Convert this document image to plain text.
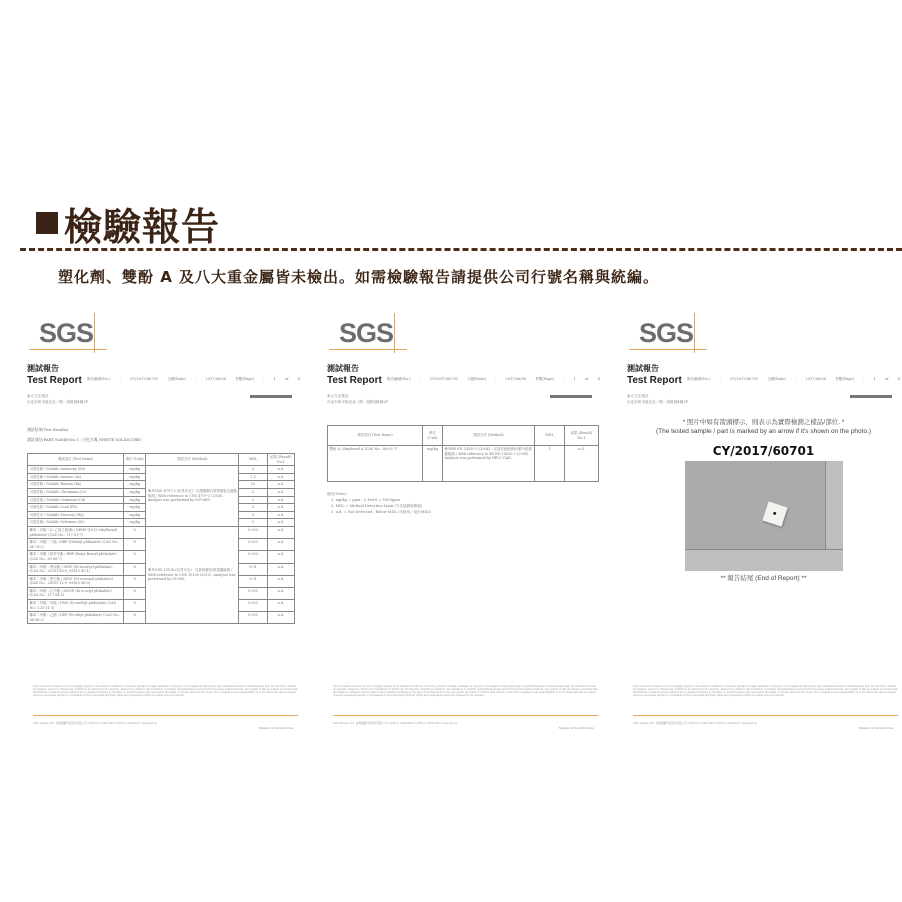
檢驗報告
塑化劑、雙酚 A 及八大重金屬皆未檢出。如需檢驗報告請提供公司行號名稱與統編。
SGS
測試報告
Test Report 報告編號(No.) : CY/2017/60701 日期(Date) : 2017/06/06 頁數(Page) : 1 of 4
東元方企業社
台北市和平區光北二路一段路巷4號2F
測試結果(Test Results)
測試部位(PART NAME)No.1 : 白色方塊 (WHITE SOLIDCUBE)
測試項目 (Test Items)	單位 (Unit)	測試方法 (Method)	MDL	結果 (Result)
No.1

可溶性銻 / Soluble Antimony (Sb)	mg/kg	參考CNS 4797-3 (玩具安全) - 以感應耦合電漿發射光譜儀檢測 / With reference to CNS 4797-3 (2016). Analysis was performed by ICP-AES.	5	n.d.
可溶性砷 / Soluble Arsenic (As)	mg/kg		2.5	n.d.
可溶性鋇 / Soluble Barium (Ba)	mg/kg		10	n.d.
可溶性鉻 / Soluble Chromium (Cr)	mg/kg		5	n.d.
可溶性鎘 / Soluble Cadmium (Cd)	mg/kg		5	n.d.
可溶性鉛 / Soluble Lead (Pb)	mg/kg		5	n.d.
可溶性汞 / Soluble Mercury (Hg)	mg/kg		5	n.d.
可溶性硒 / Soluble Selenium (Se)	mg/kg		5	n.d.
鄰苯二甲酸二(2-乙基己基)酯 / DEHP (Di-(2-ethylhexyl) phthalate) (CAS No.: 117-81-7)	%	參考CNS 15138 (玩具安全) - 以氣相層析/質譜儀檢測 / With reference to CNS 15138 (2012). Analysis was performed by GC/MS.	0.003	n.d.
鄰苯二甲酸二丁酯 / DBP (Dibutyl phthalate) (CAS No.: 84-74-2)	%		0.003	n.d.
鄰苯二甲酸丁基苯甲酯 / BBP (Butyl Benzyl phthalate) (CAS No.: 85-68-7)	%		0.003	n.d.
鄰苯二甲酸二異癸酯 / DIDP (Di-isodecyl phthalate) (CAS No.: 26761-40-0; 68515-49-1)	%		0.01	n.d.
鄰苯二甲酸二異壬酯 / DINP (Di-isononyl phthalate) (CAS No.: 28553-12-0; 68515-48-0)	%		0.01	n.d.
鄰苯二甲酸二正辛酯 / DNOP (Di-n-octyl phthalate) (CAS No.: 117-84-0)	%		0.003	n.d.
鄰苯二甲酸二甲酯 / DMP (Di-methyl phthalate) (CAS No.: 131-11-3)	%		0.003	n.d.
鄰苯二甲酸二乙酯 / DEP (Di-ethyl phthalate) (CAS No.: 84-66-2)	%		0.003	n.d.
This document is issued by the Company subject to its General Conditions of Service printed overleaf, available on request or accessible at http://www.sgs.com/en/Terms-and-Conditions.aspx and, for electronic format documents, subject to Terms and Conditions for Electronic Documents. Attention is drawn to the limitation of liability, indemnification and jurisdiction issues defined therein. Any holder of this document is advised that information contained hereon reflects the Company's findings at the time of its intervention only and within the limits of Client's instructions, if any. The Company's sole responsibility is to its Client and this document does not exonerate parties to a transaction from exercising all their rights and obligations under the transaction documents.
SGS Taiwan Ltd. 台灣檢驗科技股份有限公司 t (886-2) 2299-3939 f (886-2) 2299-3237 www.sgs.tw
Member of the SGS Group
SGS
測試報告
Test Report 報告編號(No.) : CY/2017/60701 日期(Date) : 2017/06/06 頁數(Page) : 1 of 4
東元方企業社
台北市和平區光北二路一段路巷4號2F
測試項目 (Test Items)	單位 (Unit)	測試方法 (Method)	MDL	結果 (Result)
No.1

雙酚 A / Bisphenol A (CAS No.: 80-05-7)	mg/kg	參考BS EN 14350-2 (2004) - 以高效液相層析/紫外偵測器檢測 / With reference to BS EN 14350-2 (2004). Analysis was performed by HPLC-DAD.	1	n.d.
備註(Note) :
1. mg/kg = ppm ; 0.1wt% = 1000ppm
2. MDL = Method Detection Limit (方法偵測極限值)
3. n.d. = Not Detected ; Below MDL (未檢出 / 低於MDL)
This document is issued by the Company subject to its General Conditions of Service printed overleaf, available on request or accessible at http://www.sgs.com/en/Terms-and-Conditions.aspx and, for electronic format documents, subject to Terms and Conditions for Electronic Documents. Attention is drawn to the limitation of liability, indemnification and jurisdiction issues defined therein. Any holder of this document is advised that information contained hereon reflects the Company's findings at the time of its intervention only and within the limits of Client's instructions, if any. The Company's sole responsibility is to its Client and this document does not exonerate parties to a transaction from exercising all their rights and obligations under the transaction documents.
SGS Taiwan Ltd. 台灣檢驗科技股份有限公司 t (886-2) 2299-3939 f (886-2) 2299-3237 www.sgs.tw
Member of the SGS Group
SGS
測試報告
Test Report 報告編號(No.) : CY/2017/60701 日期(Date) : 2017/06/06 頁數(Page) : 1 of 4
東元方企業社
台北市和平區光北二路一段路巷4號2F
* 照片中如有箭頭標示，則表示為實際檢測之樣品/部位. *
(The tested sample / part is marked by an arrow if it's shown on the photo.)
CY/2017/60701
** 報告結尾 (End of Report) **
This document is issued by the Company subject to its General Conditions of Service printed overleaf, available on request or accessible at http://www.sgs.com/en/Terms-and-Conditions.aspx and, for electronic format documents, subject to Terms and Conditions for Electronic Documents. Attention is drawn to the limitation of liability, indemnification and jurisdiction issues defined therein. Any holder of this document is advised that information contained hereon reflects the Company's findings at the time of its intervention only and within the limits of Client's instructions, if any. The Company's sole responsibility is to its Client and this document does not exonerate parties to a transaction from exercising all their rights and obligations under the transaction documents.
SGS Taiwan Ltd. 台灣檢驗科技股份有限公司 t (886-2) 2299-3939 f (886-2) 2299-3237 www.sgs.tw
Member of the SGS Group
